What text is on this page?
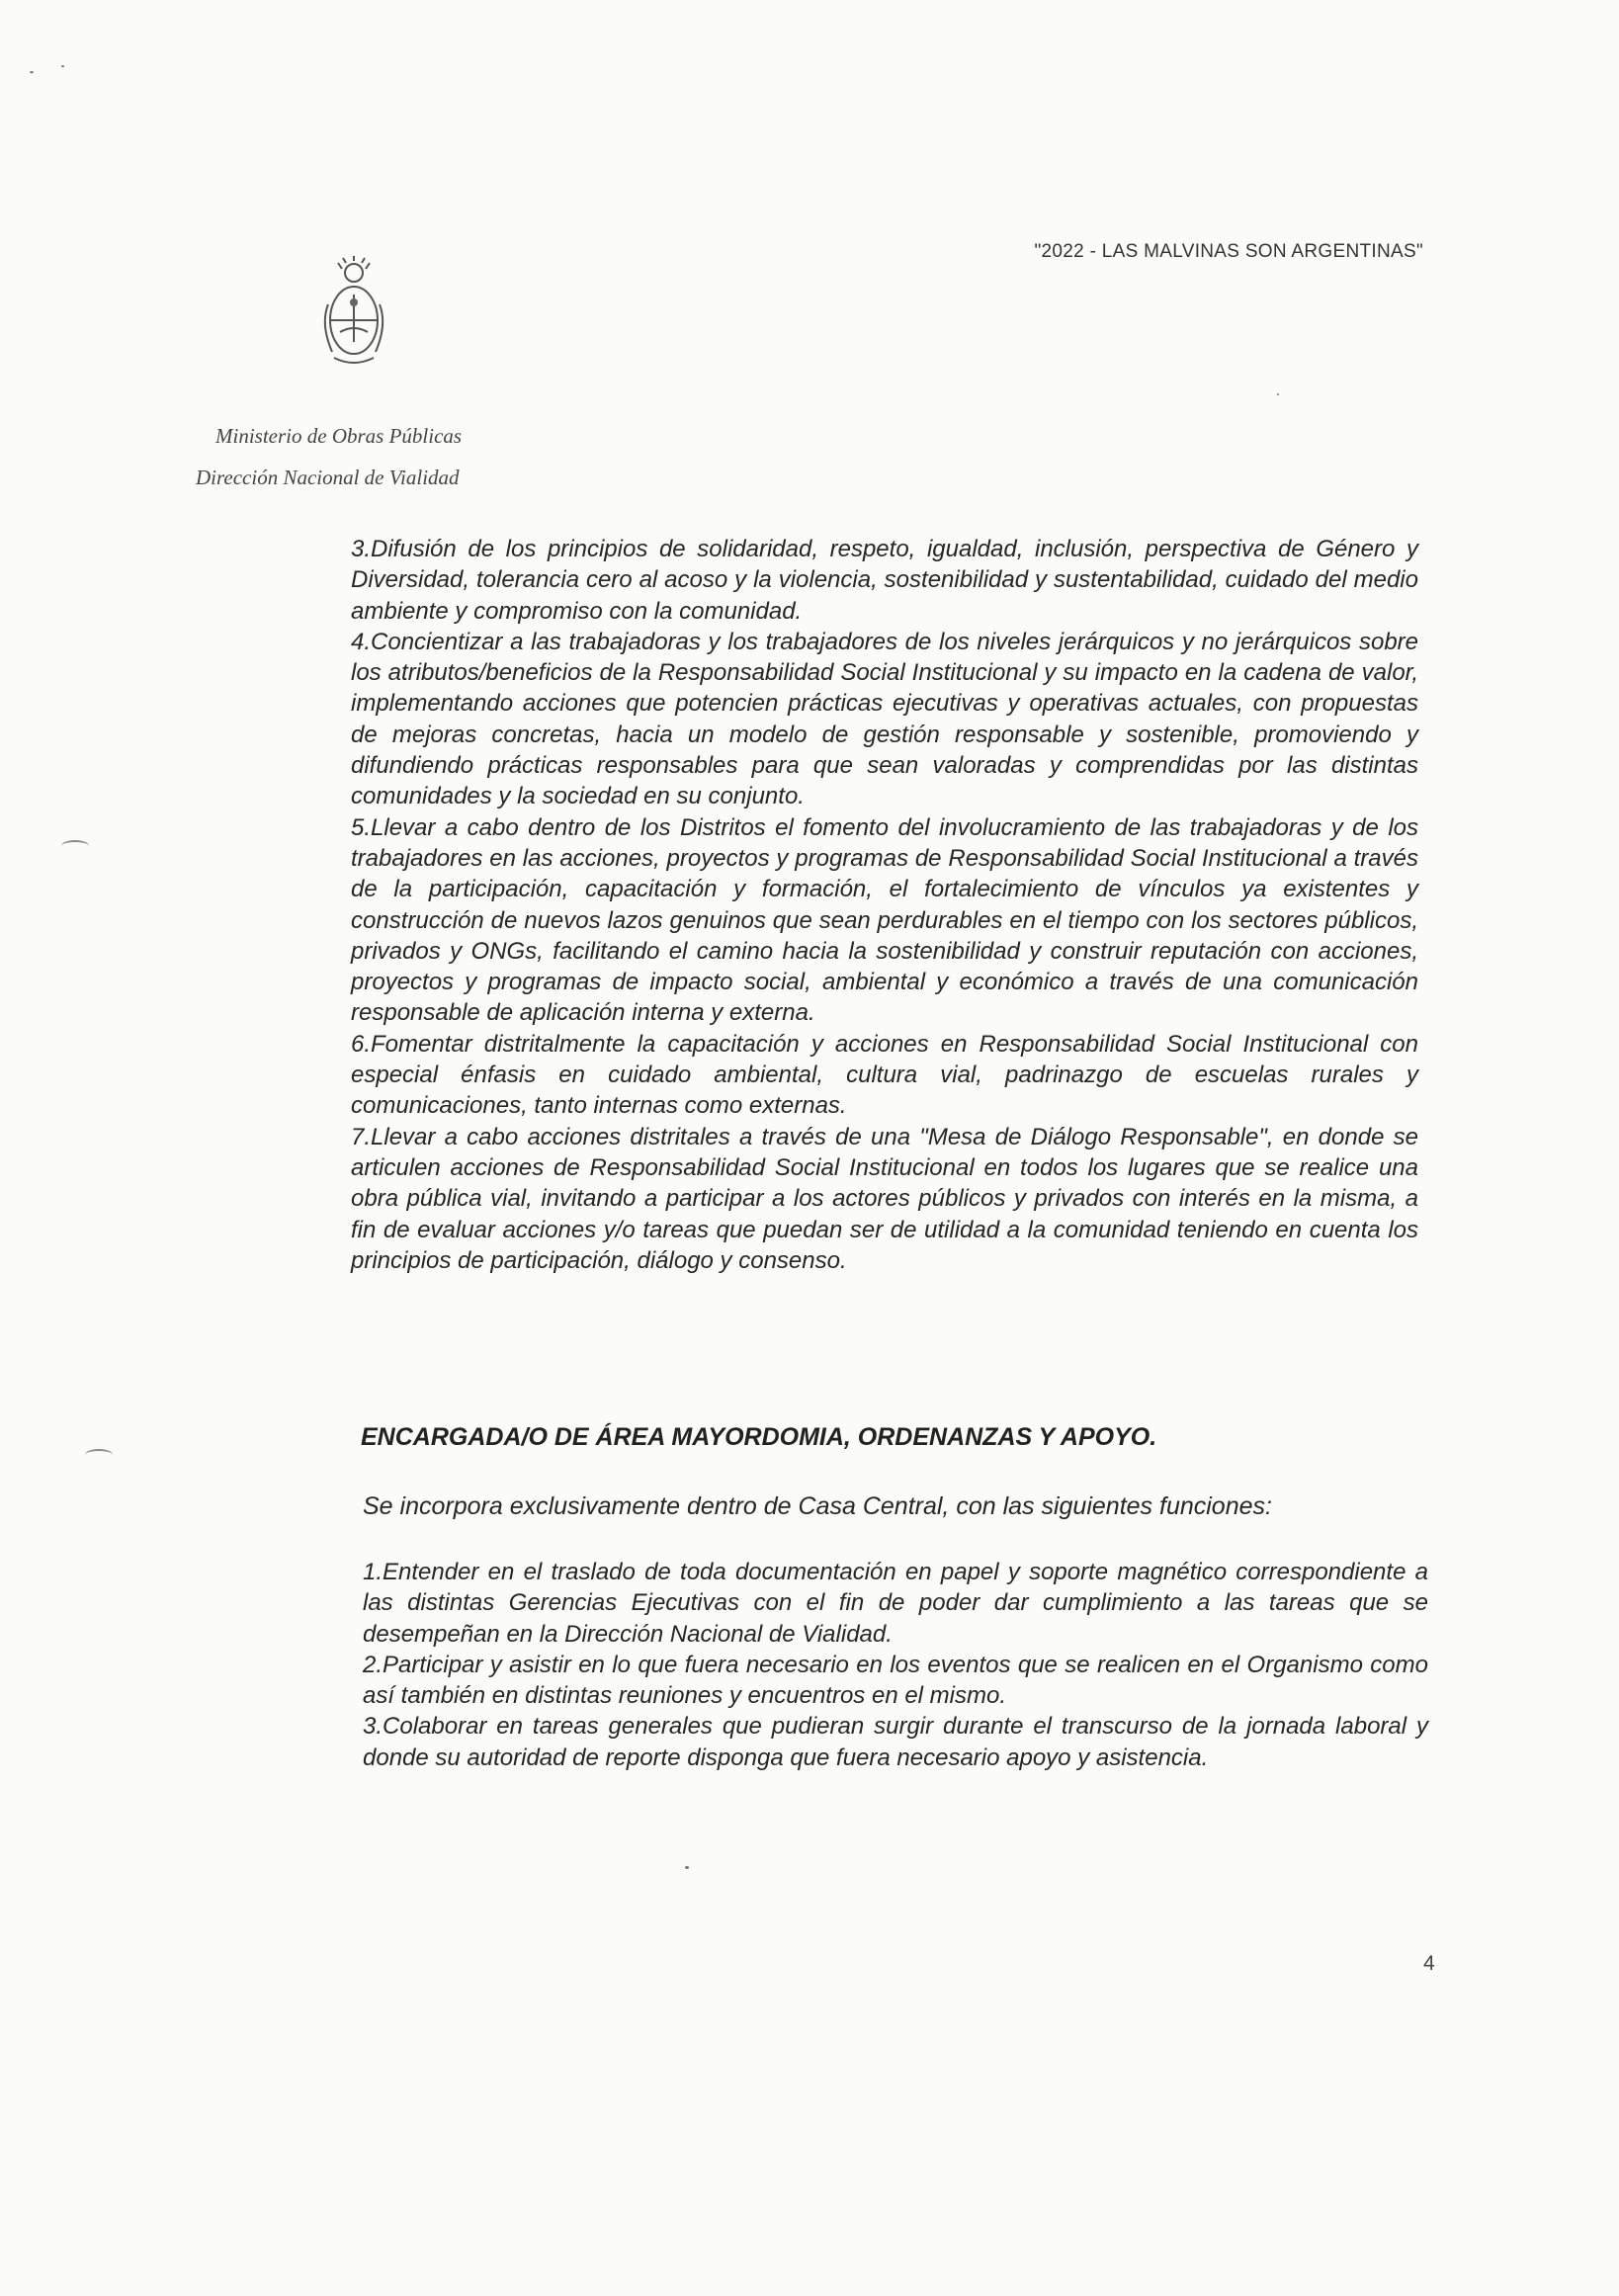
"2022 - LAS MALVINAS SON ARGENTINAS"
Ministerio de Obras Públicas
Dirección Nacional de Vialidad

3.Difusión de los principios de solidaridad, respeto, igualdad, inclusión, perspectiva de Género y Diversidad, tolerancia cero al acoso y la violencia, sostenibilidad y sustentabilidad, cuidado del medio ambiente y compromiso con la comunidad.

4.Concientizar a las trabajadoras y los trabajadores de los niveles jerárquicos y no jerárquicos sobre los atributos/beneficios de la Responsabilidad Social Institucional y su impacto en la cadena de valor, implementando acciones que potencien prácticas ejecutivas y operativas actuales, con propuestas de mejoras concretas, hacia un modelo de gestión responsable y sostenible, promoviendo y difundiendo prácticas responsables para que sean valoradas y comprendidas por las distintas comunidades y la sociedad en su conjunto.

5.Llevar a cabo dentro de los Distritos el fomento del involucramiento de las trabajadoras y de los trabajadores en las acciones, proyectos y programas de Responsabilidad Social Institucional a través de la participación, capacitación y formación, el fortalecimiento de vínculos ya existentes y construcción de nuevos lazos genuinos que sean perdurables en el tiempo con los sectores públicos, privados y ONGs, facilitando el camino hacia la sostenibilidad y construir reputación con acciones, proyectos y programas de impacto social, ambiental y económico a través de una comunicación responsable de aplicación interna y externa.

6.Fomentar distritalmente la capacitación y acciones en Responsabilidad Social Institucional con especial énfasis en cuidado ambiental, cultura vial, padrinazgo de escuelas rurales y comunicaciones, tanto internas como externas.

7.Llevar a cabo acciones distritales a través de una "Mesa de Diálogo Responsable", en donde se articulen acciones de Responsabilidad Social Institucional en todos los lugares que se realice una obra pública vial, invitando a participar a los actores públicos y privados con interés en la misma, a fin de evaluar acciones y/o tareas que puedan ser de utilidad a la comunidad teniendo en cuenta los principios de participación, diálogo y consenso.

ENCARGADA/O DE ÁREA MAYORDOMIA, ORDENANZAS Y APOYO.
Se incorpora exclusivamente dentro de Casa Central, con las siguientes funciones:

1.Entender en el traslado de toda documentación en papel y soporte magnético correspondiente a las distintas Gerencias Ejecutivas con el fin de poder dar cumplimiento a las tareas que se desempeñan en la Dirección Nacional de Vialidad.

2.Participar y asistir en lo que fuera necesario en los eventos que se realicen en el Organismo como así también en distintas reuniones y encuentros en el mismo.

3.Colaborar en tareas generales que pudieran surgir durante el transcurso de la jornada laboral y donde su autoridad de reporte disponga que fuera necesario apoyo y asistencia.

4
